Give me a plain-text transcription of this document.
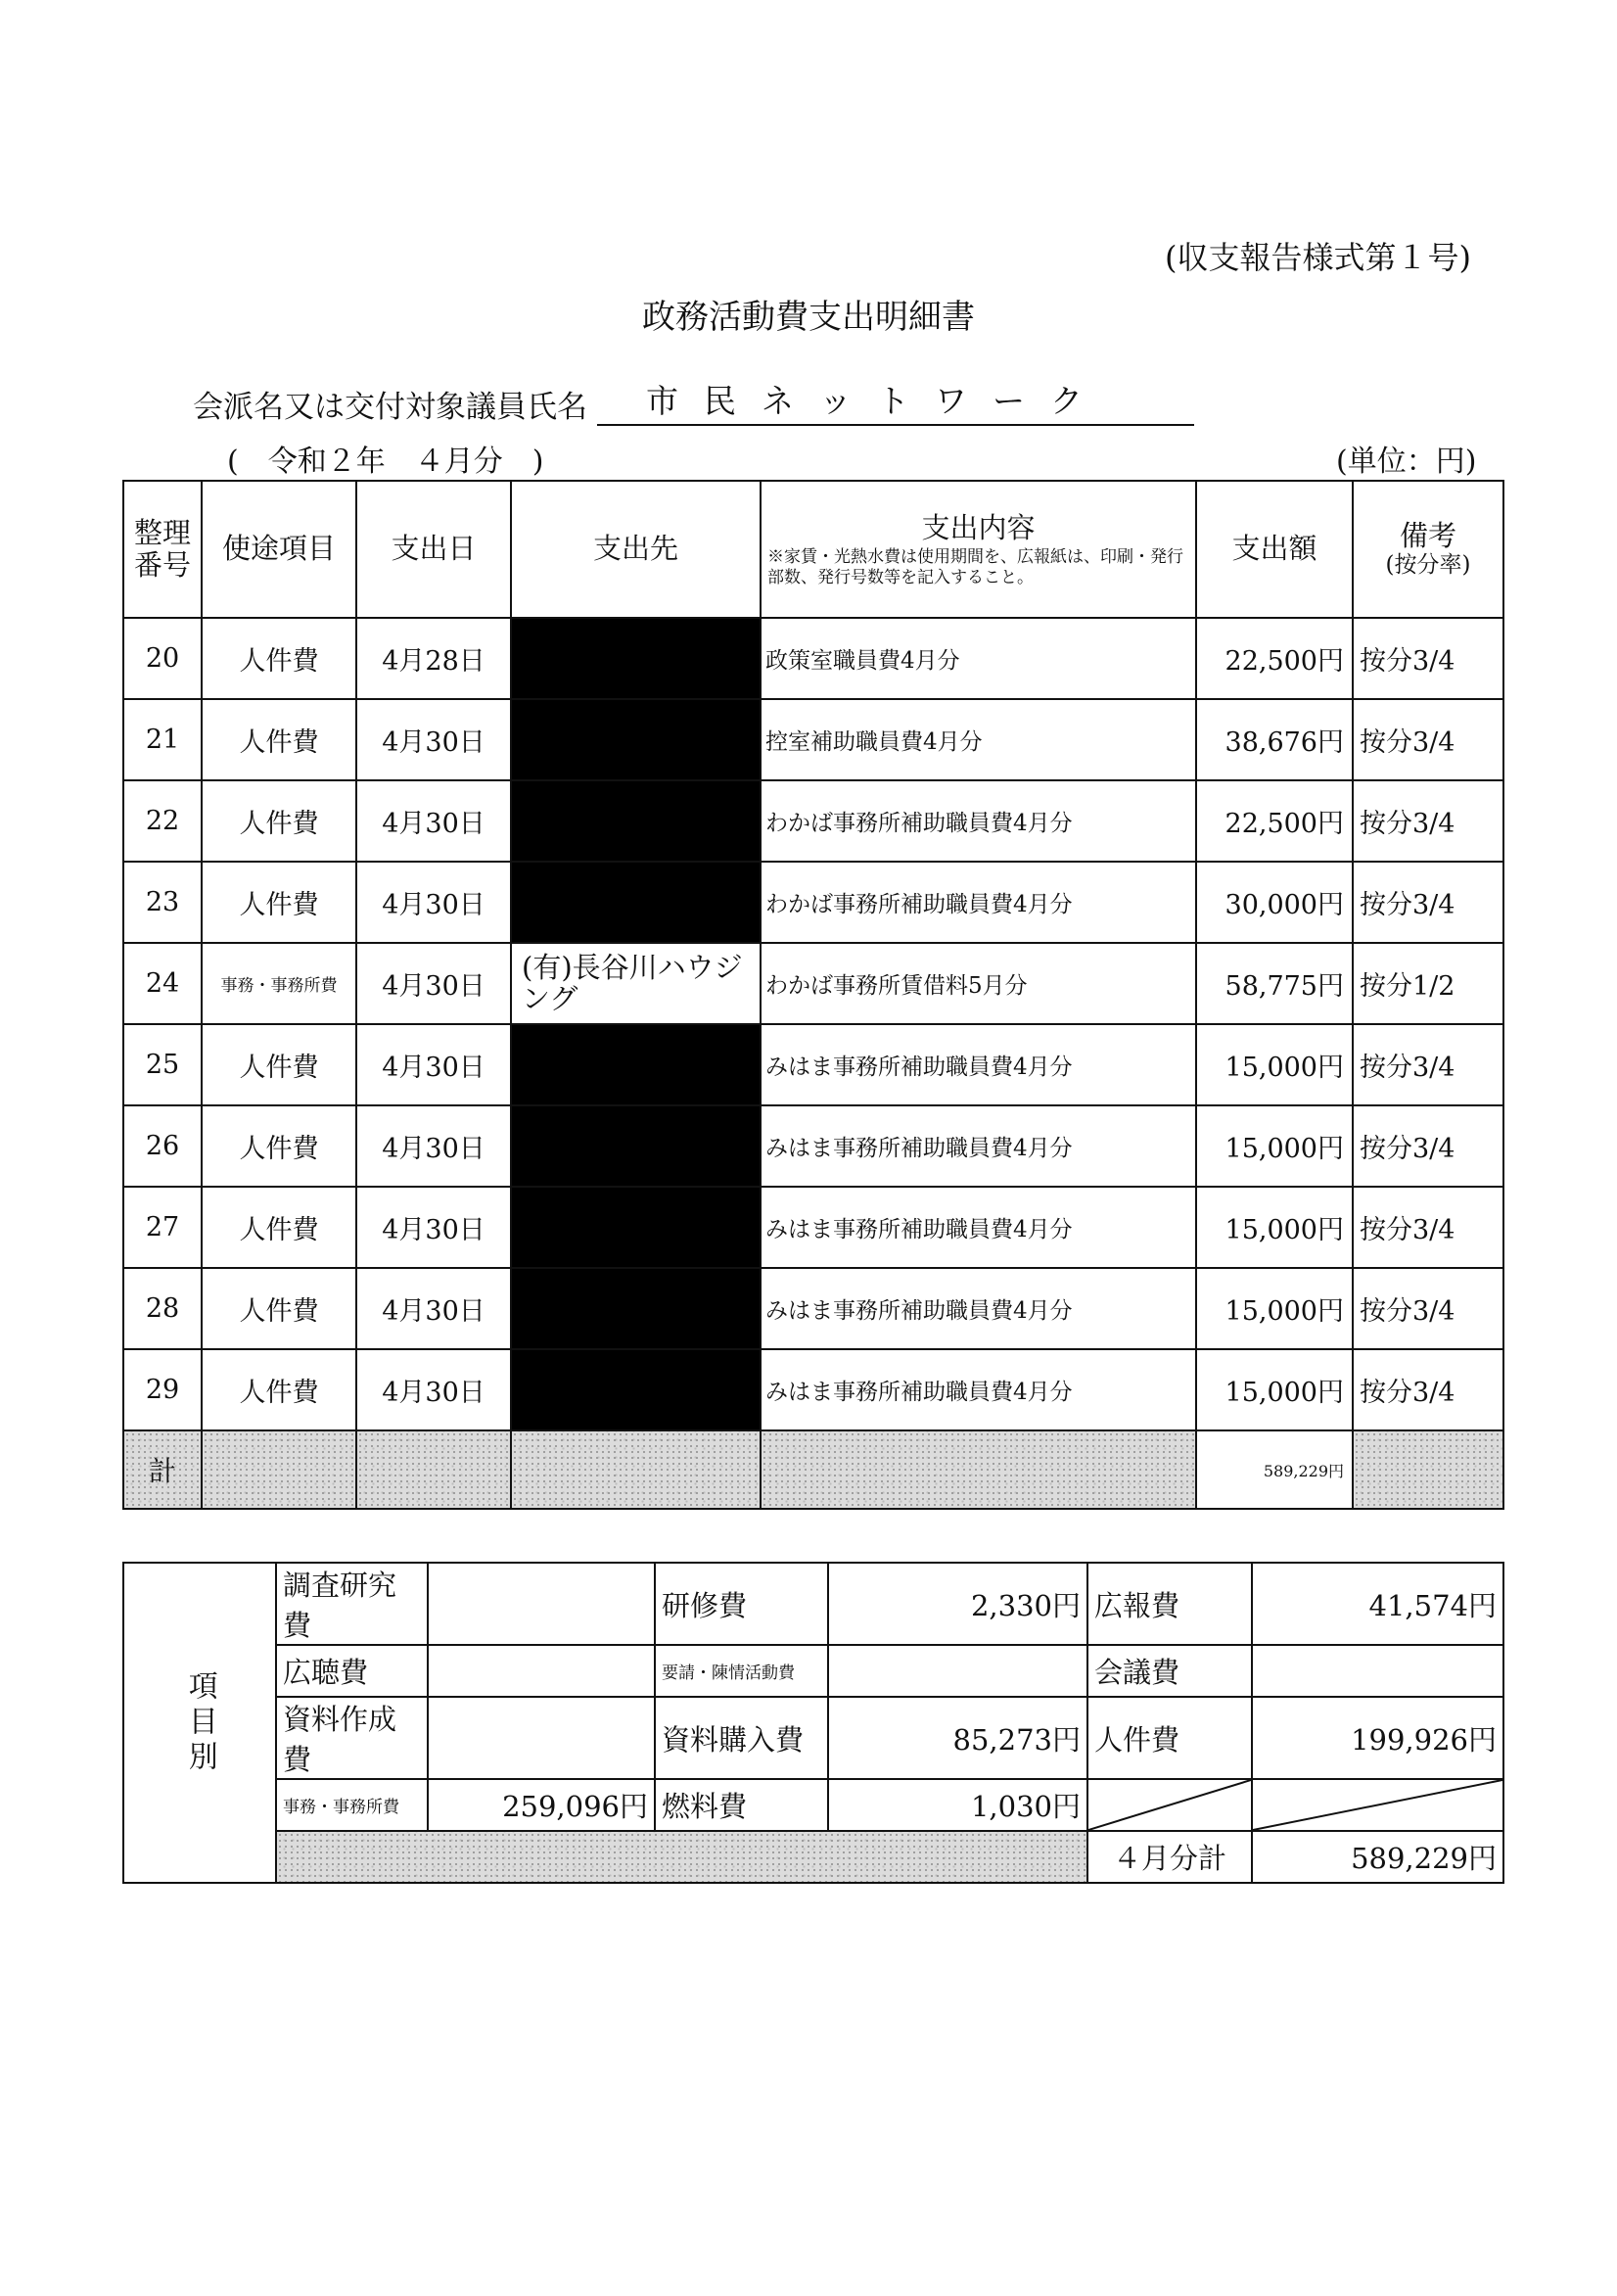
(収支報告様式第１号)
政務活動費支出明細書
会派名又は交付対象議員氏名	市民ネットワーク
(　令和２年　４月分　)	(単位：円)
整理番号	使途項目	支出日	支出先	支出内容
※家賃・光熱水費は使用期間を、広報紙は、印刷・発行部数、発行号数等を記入すること。	支出額	備考
(按分率)

20	人件費	4月28日		政策室職員費4月分	22,500円	按分3/4
21	人件費	4月30日		控室補助職員費4月分	38,676円	按分3/4
22	人件費	4月30日		わかば事務所補助職員費4月分	22,500円	按分3/4
23	人件費	4月30日		わかば事務所補助職員費4月分	30,000円	按分3/4
24	事務・事務所費	4月30日	(有)長谷川ハウジング	わかば事務所賃借料5月分	58,775円	按分1/2
25	人件費	4月30日		みはま事務所補助職員費4月分	15,000円	按分3/4
26	人件費	4月30日		みはま事務所補助職員費4月分	15,000円	按分3/4
27	人件費	4月30日		みはま事務所補助職員費4月分	15,000円	按分3/4
28	人件費	4月30日		みはま事務所補助職員費4月分	15,000円	按分3/4
29	人件費	4月30日		みはま事務所補助職員費4月分	15,000円	按分3/4
計					589,229円	
項目別	調査研究費		研修費	2,330円	広報費	41,574円
	広聴費		要請・陳情活動費		会議費	
	資料作成費		資料購入費	85,273円	人件費	199,926円
	事務・事務所費	259,096円	燃料費	1,030円	

					４月分計	589,229円
